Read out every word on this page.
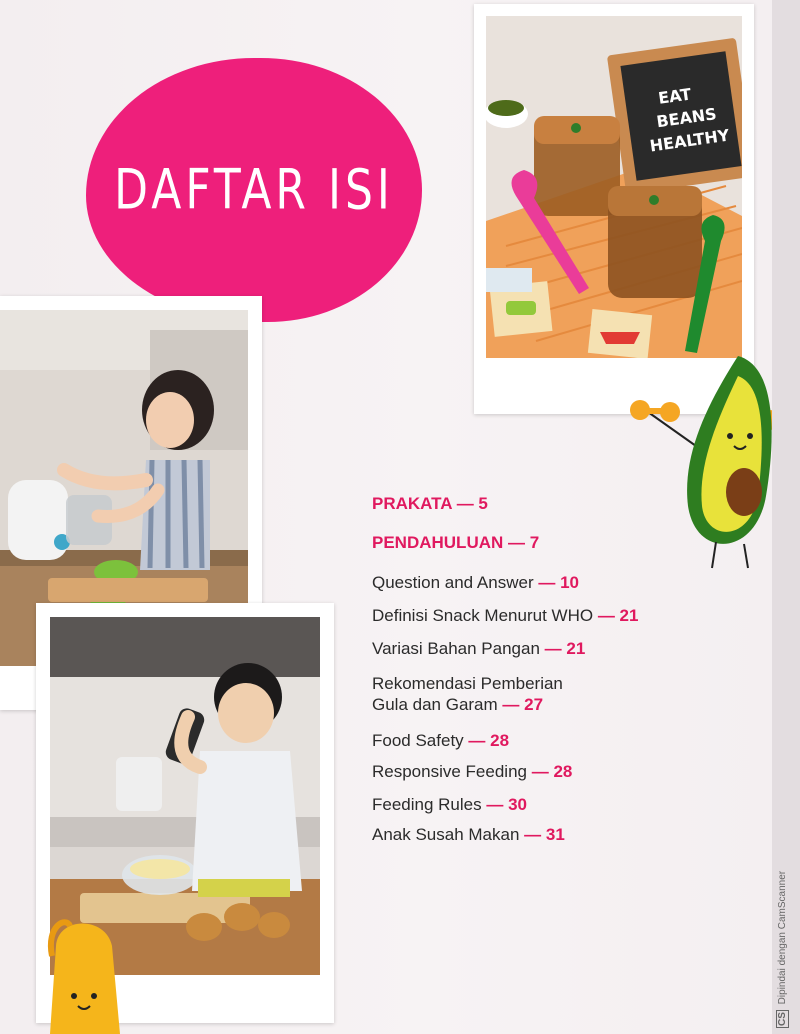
DAFTAR ISI
EAT
BEANS
HEALTHY
PRAKATA — 5
PENDAHULUAN — 7
Question and Answer — 10
Definisi Snack Menurut WHO — 21
Variasi Bahan Pangan — 21
Rekomendasi Pemberian
Gula dan Garam — 27
Food Safety — 28
Responsive Feeding — 28
Feeding Rules — 30
Anak Susah Makan — 31
CS Dipindai dengan CamScanner
